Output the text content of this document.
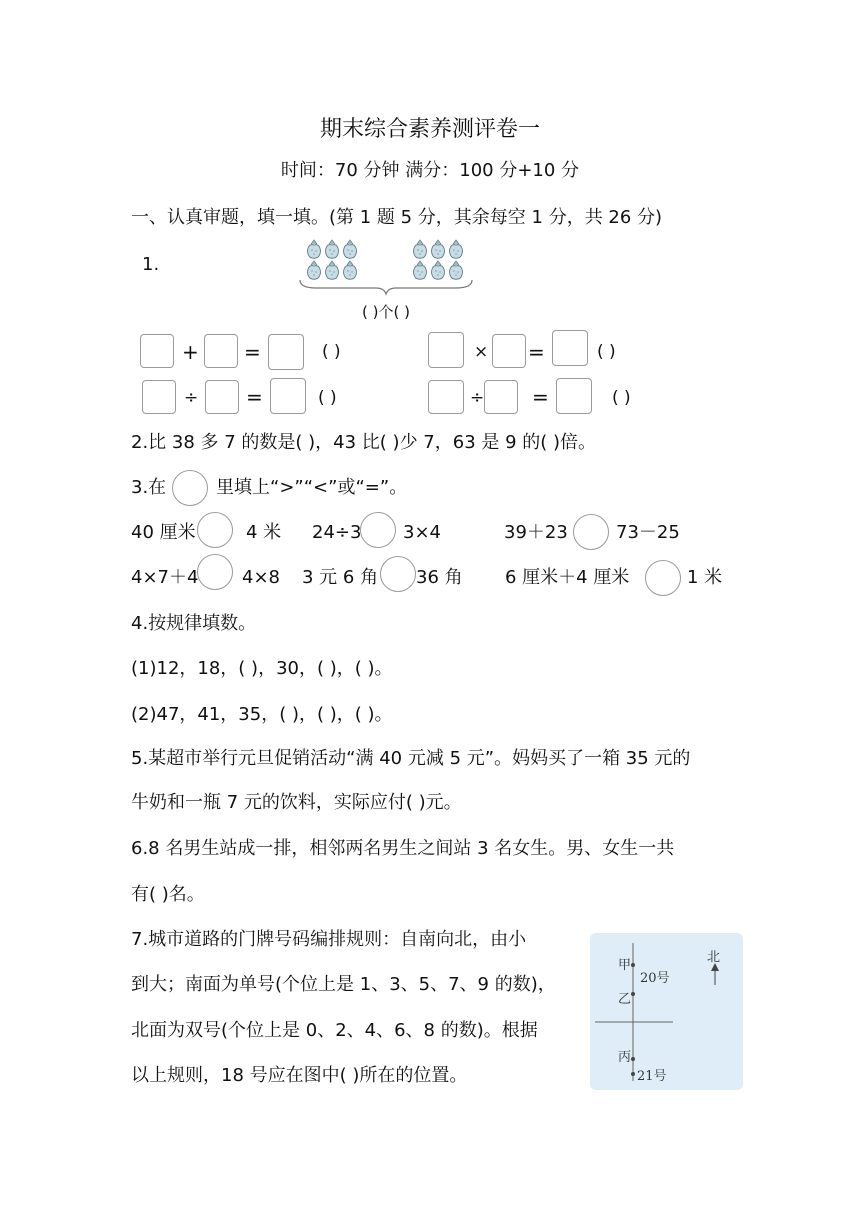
期末综合素养测评卷一
时间：70 分钟 满分：100 分+10 分
一、认真审题，填一填。(第 1 题 5 分，其余每空 1 分，共 26 分)
1.
( )个( )
+ =	( )	× =	( )
÷ =	( )	÷ =	( )
2.比 38 多 7 的数是( )，43 比( )少 7，63 是 9 的( )倍。
3.在	里填上“>”“<”或“=”。
40 厘米	4 米 24÷3 3×4	39＋23	73－25
4×7＋4 4×8 3 元 6 角 36 角 6 厘米＋4 厘米	1 米
4.按规律填数。
(1)12，18，( )，30，( )，( )。
(2)47，41，35，( )，( )，( )。
5.某超市举行元旦促销活动“满 40 元减 5 元”。妈妈买了一箱 35 元的
牛奶和一瓶 7 元的饮料，实际应付( )元。
6.8 名男生站成一排，相邻两名男生之间站 3 名女生。男、女生一共
有( )名。
7.城市道路的门牌号码编排规则：自南向北，由小
到大；南面为单号(个位上是 1、3、5、7、9 的数)，
北面为双号(个位上是 0、2、4、6、8 的数)。根据
以上规则，18 号应在图中( )所在的位置。
甲
20号
乙
丙
21号
北
